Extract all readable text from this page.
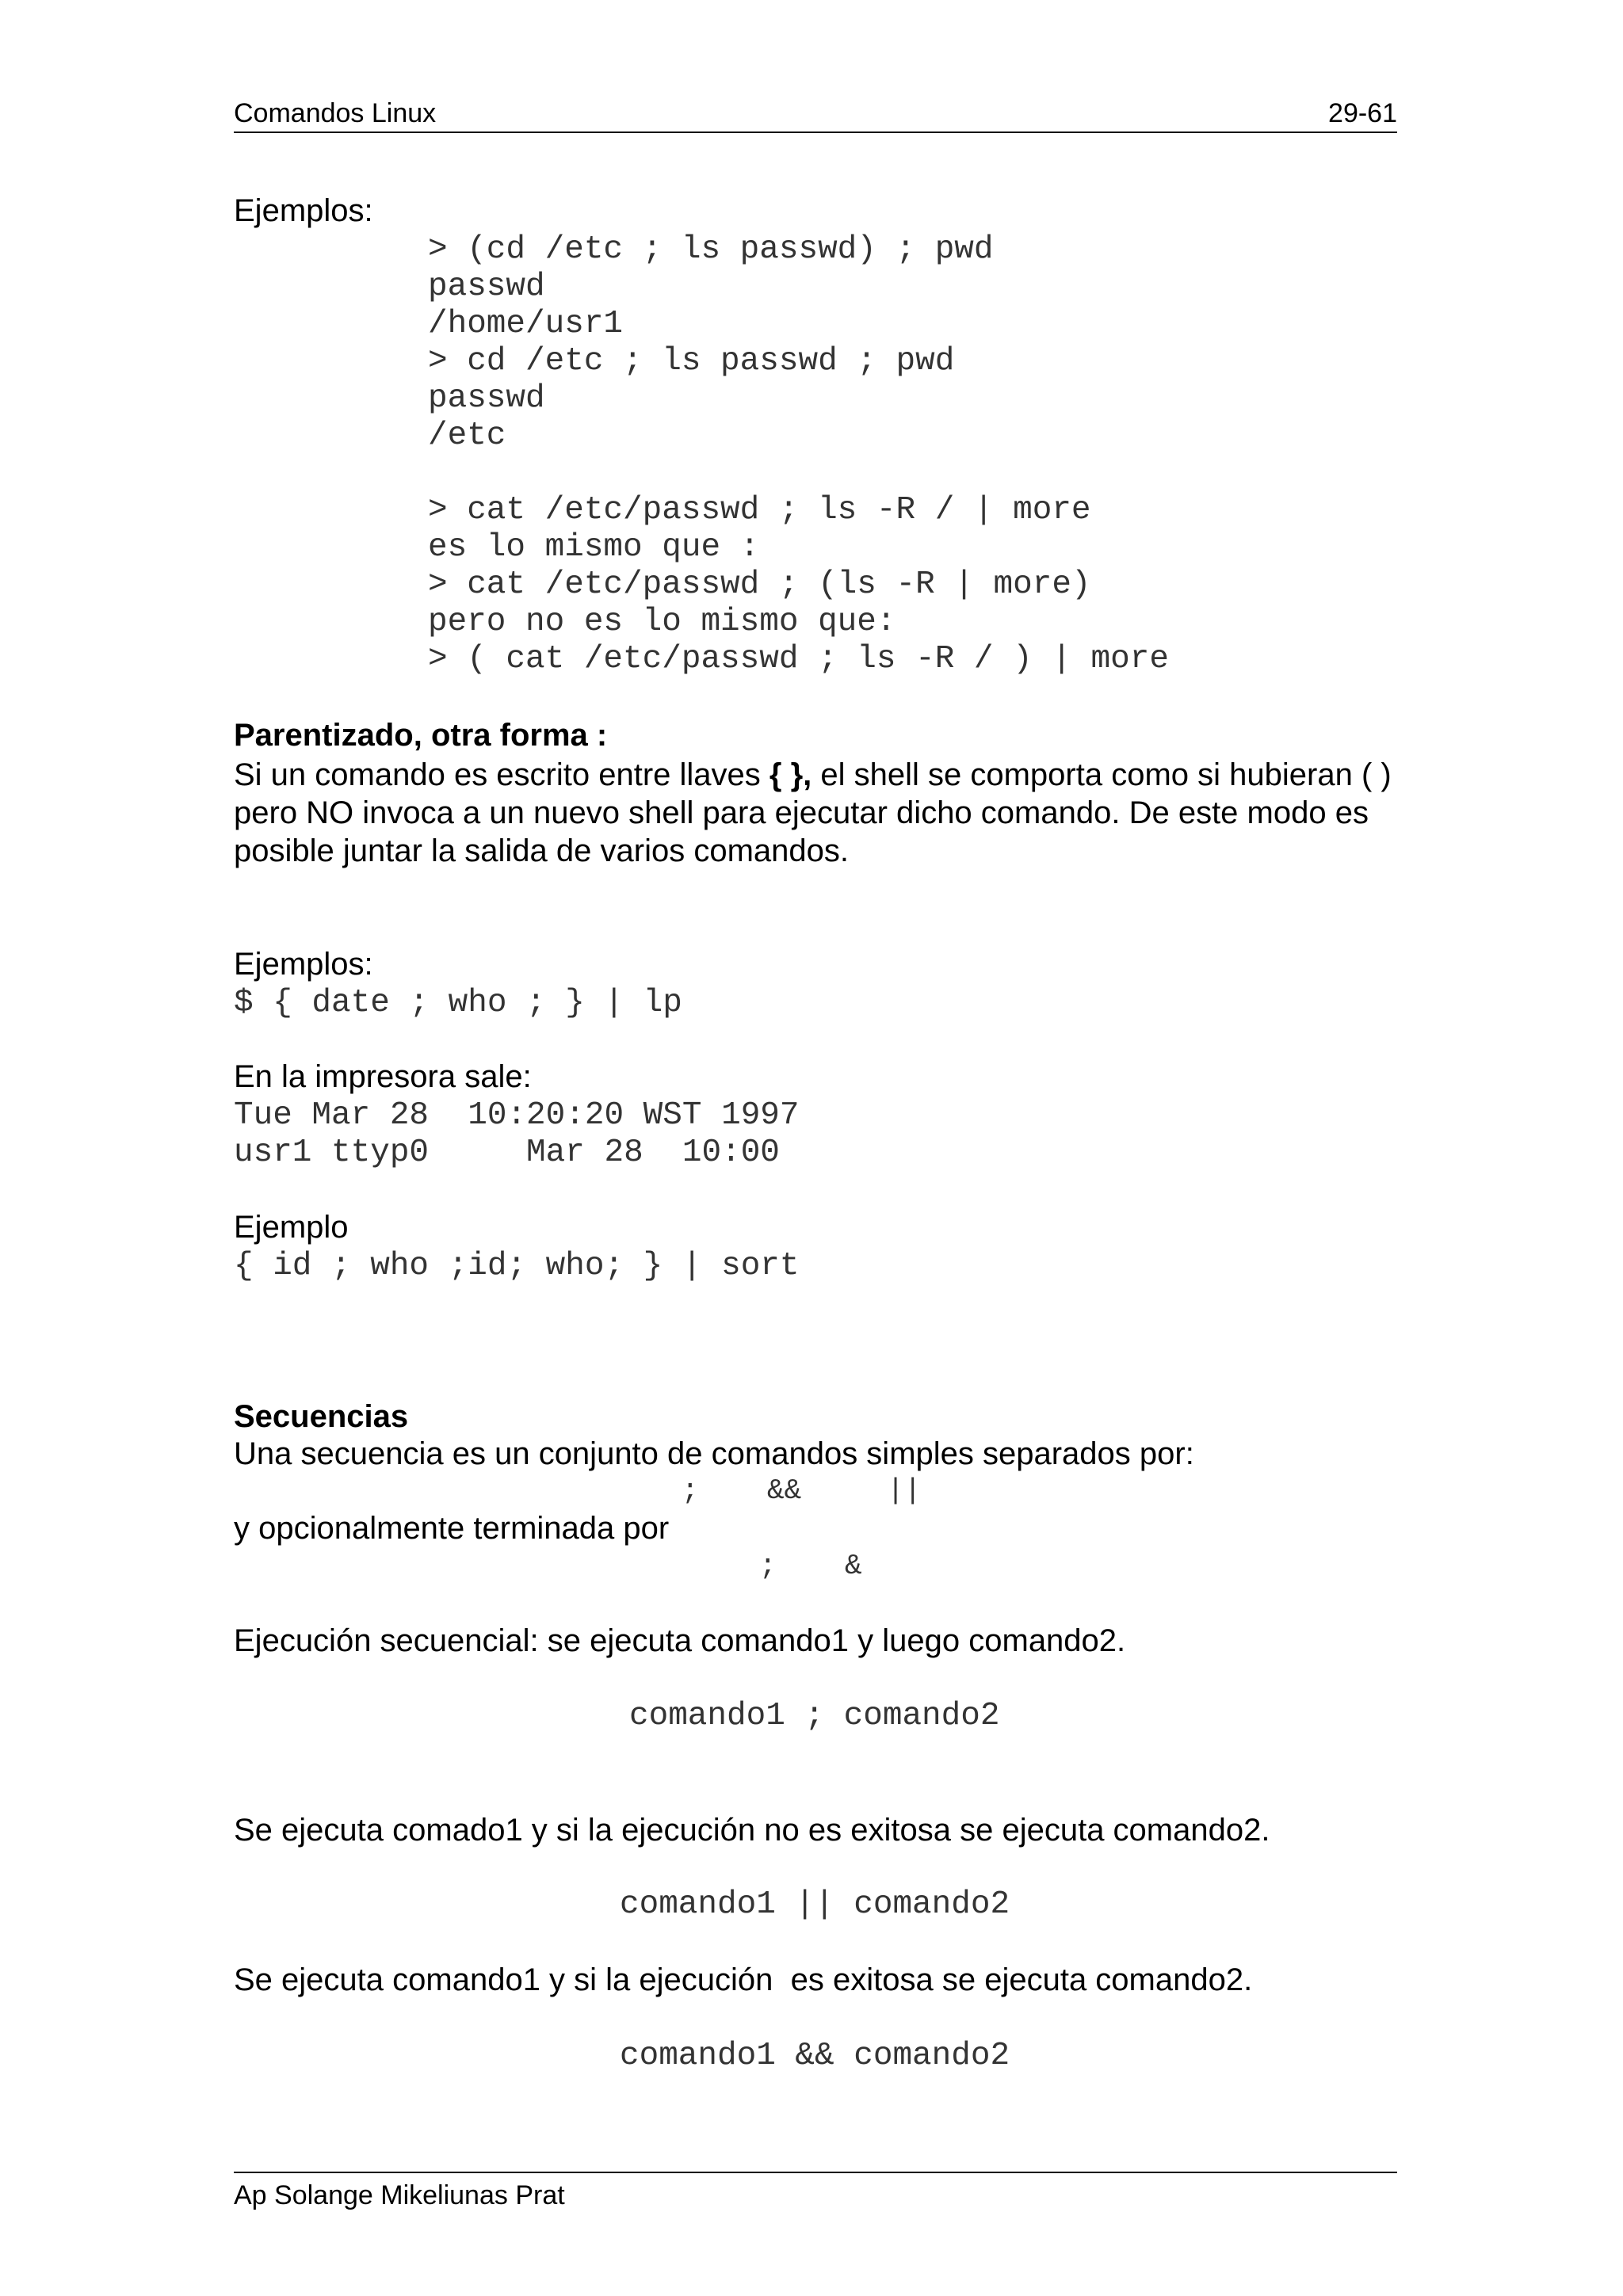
Comandos Linux	29-61
Ejemplos:
> (cd /etc ; ls passwd) ; pwd
passwd
/home/usr1
> cd /etc ; ls passwd ; pwd
passwd
/etc
> cat /etc/passwd ; ls -R / | more
es lo mismo que :
> cat /etc/passwd ; (ls -R | more)
pero no es lo mismo que:
> ( cat /etc/passwd ; ls -R / ) | more
Parentizado, otra forma :
Si un comando es escrito entre llaves { }, el shell se comporta como si hubieran ( ) pero NO invoca a un nuevo shell para ejecutar dicho comando. De este modo es posible juntar la salida de varios comandos.
Ejemplos:
$ { date ; who ; } | lp
En la impresora sale:
Tue Mar 28  10:20:20 WST 1997
usr1 ttyp0     Mar 28  10:00
Ejemplo
{ id ; who ;id; who; } | sort
Secuencias
Una secuencia es un conjunto de comandos simples separados por:
;    &&     ||
y opcionalmente terminada por
;    &
Ejecución secuencial: se ejecuta comando1 y luego comando2.
comando1 ; comando2
Se ejecuta comado1 y si la ejecución no es exitosa se ejecuta comando2.
comando1 || comando2
Se ejecuta comando1 y si la ejecución  es exitosa se ejecuta comando2.
comando1 && comando2
Ap Solange Mikeliunas Prat
